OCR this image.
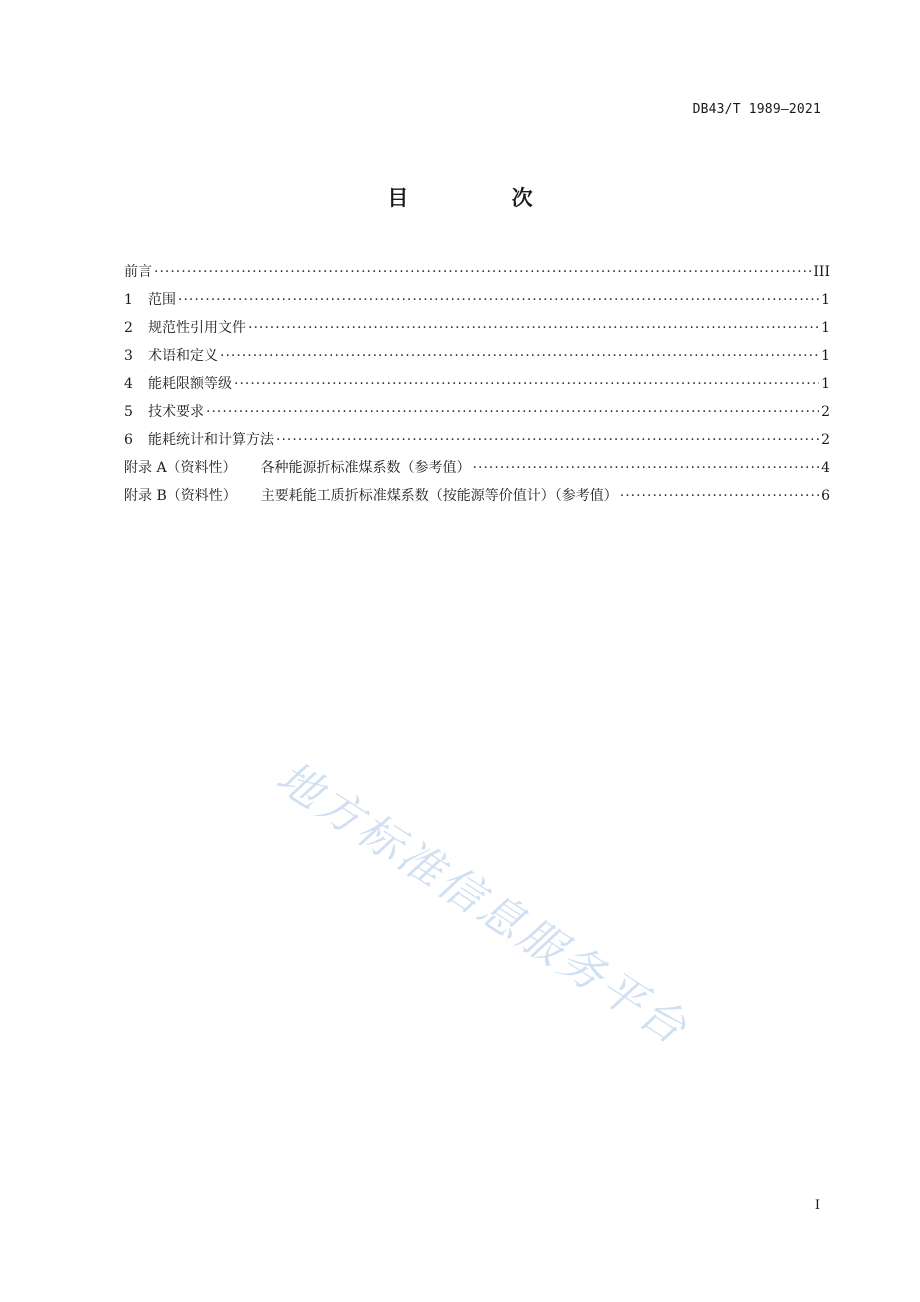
DB43/T 1989—2021
目 次
前言 ·····	III
1	范围 ·····	1
2	规范性引用文件 ·····	1
3	术语和定义 ·····	1
4	能耗限额等级 ·····	1
5	技术要求 ·····	2
6	能耗统计和计算方法 ·····	2
附录 A（资料性） 各种能源折标准煤系数（参考值） ·····	4
附录 B（资料性） 主要耗能工质折标准煤系数（按能源等价值计）（参考值） ·····	6
地方标准信息服务平台
I
